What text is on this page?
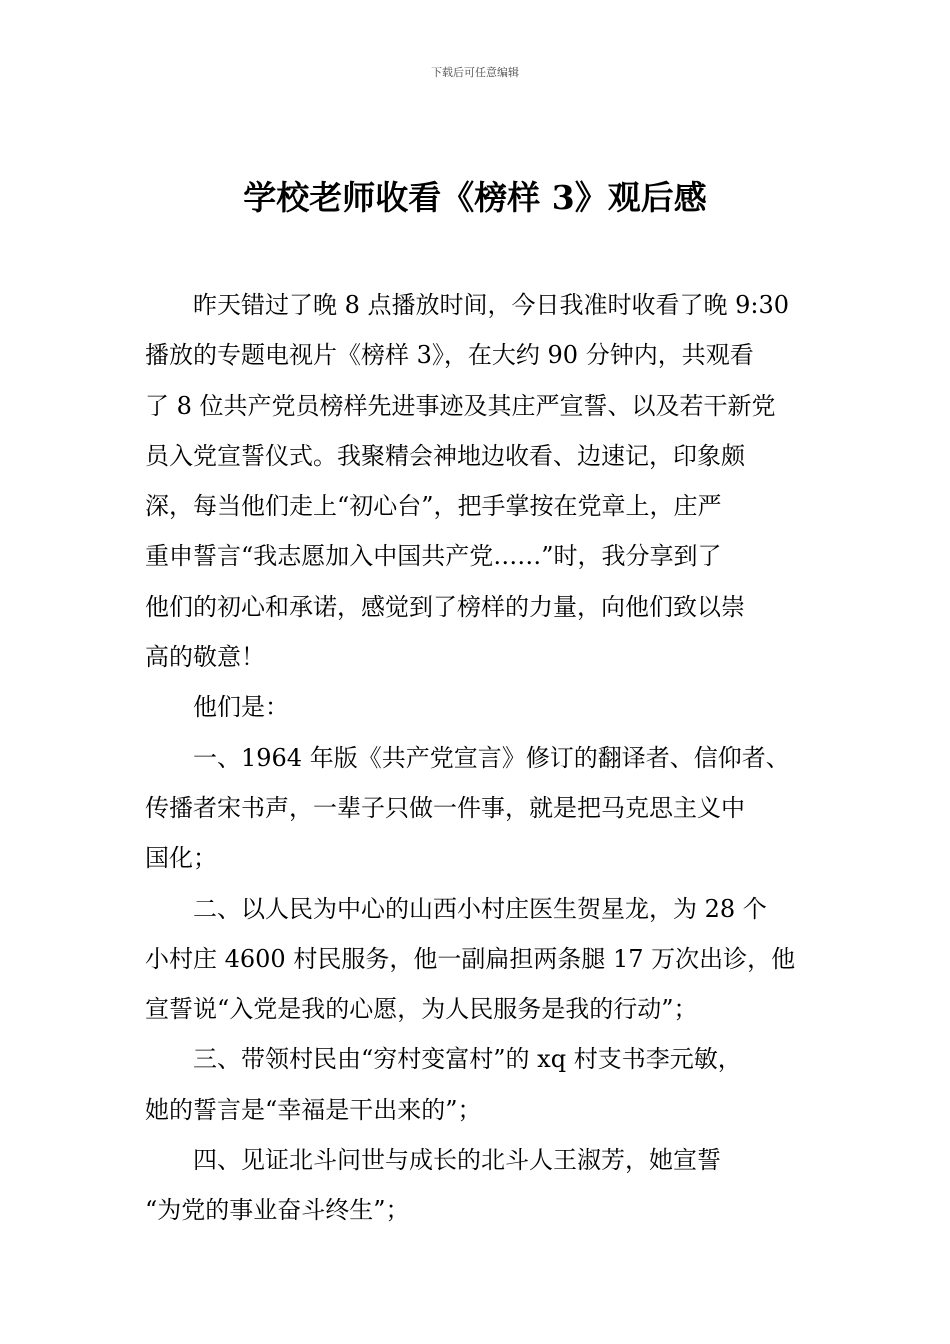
下载后可任意编辑
学校老师收看《榜样 3》观后感
昨天错过了晚 8 点播放时间，今日我准时收看了晚 9:30
播放的专题电视片《榜样 3》，在大约 90 分钟内，共观看
了 8 位共产党员榜样先进事迹及其庄严宣誓、以及若干新党
员入党宣誓仪式。我聚精会神地边收看、边速记，印象颇
深，每当他们走上“初心台”，把手掌按在党章上，庄严
重申誓言“我志愿加入中国共产党……”时，我分享到了
他们的初心和承诺，感觉到了榜样的力量，向他们致以崇
高的敬意！
他们是：
一、1964 年版《共产党宣言》修订的翻译者、信仰者、
传播者宋书声，一辈子只做一件事，就是把马克思主义中
国化；
二、以人民为中心的山西小村庄医生贺星龙，为 28 个
小村庄 4600 村民服务，他一副扁担两条腿 17 万次出诊，他
宣誓说“入党是我的心愿，为人民服务是我的行动”；
三、带领村民由“穷村变富村”的 xq 村支书李元敏，
她的誓言是“幸福是干出来的”；
四、见证北斗问世与成长的北斗人王淑芳，她宣誓
“为党的事业奋斗终生”；
